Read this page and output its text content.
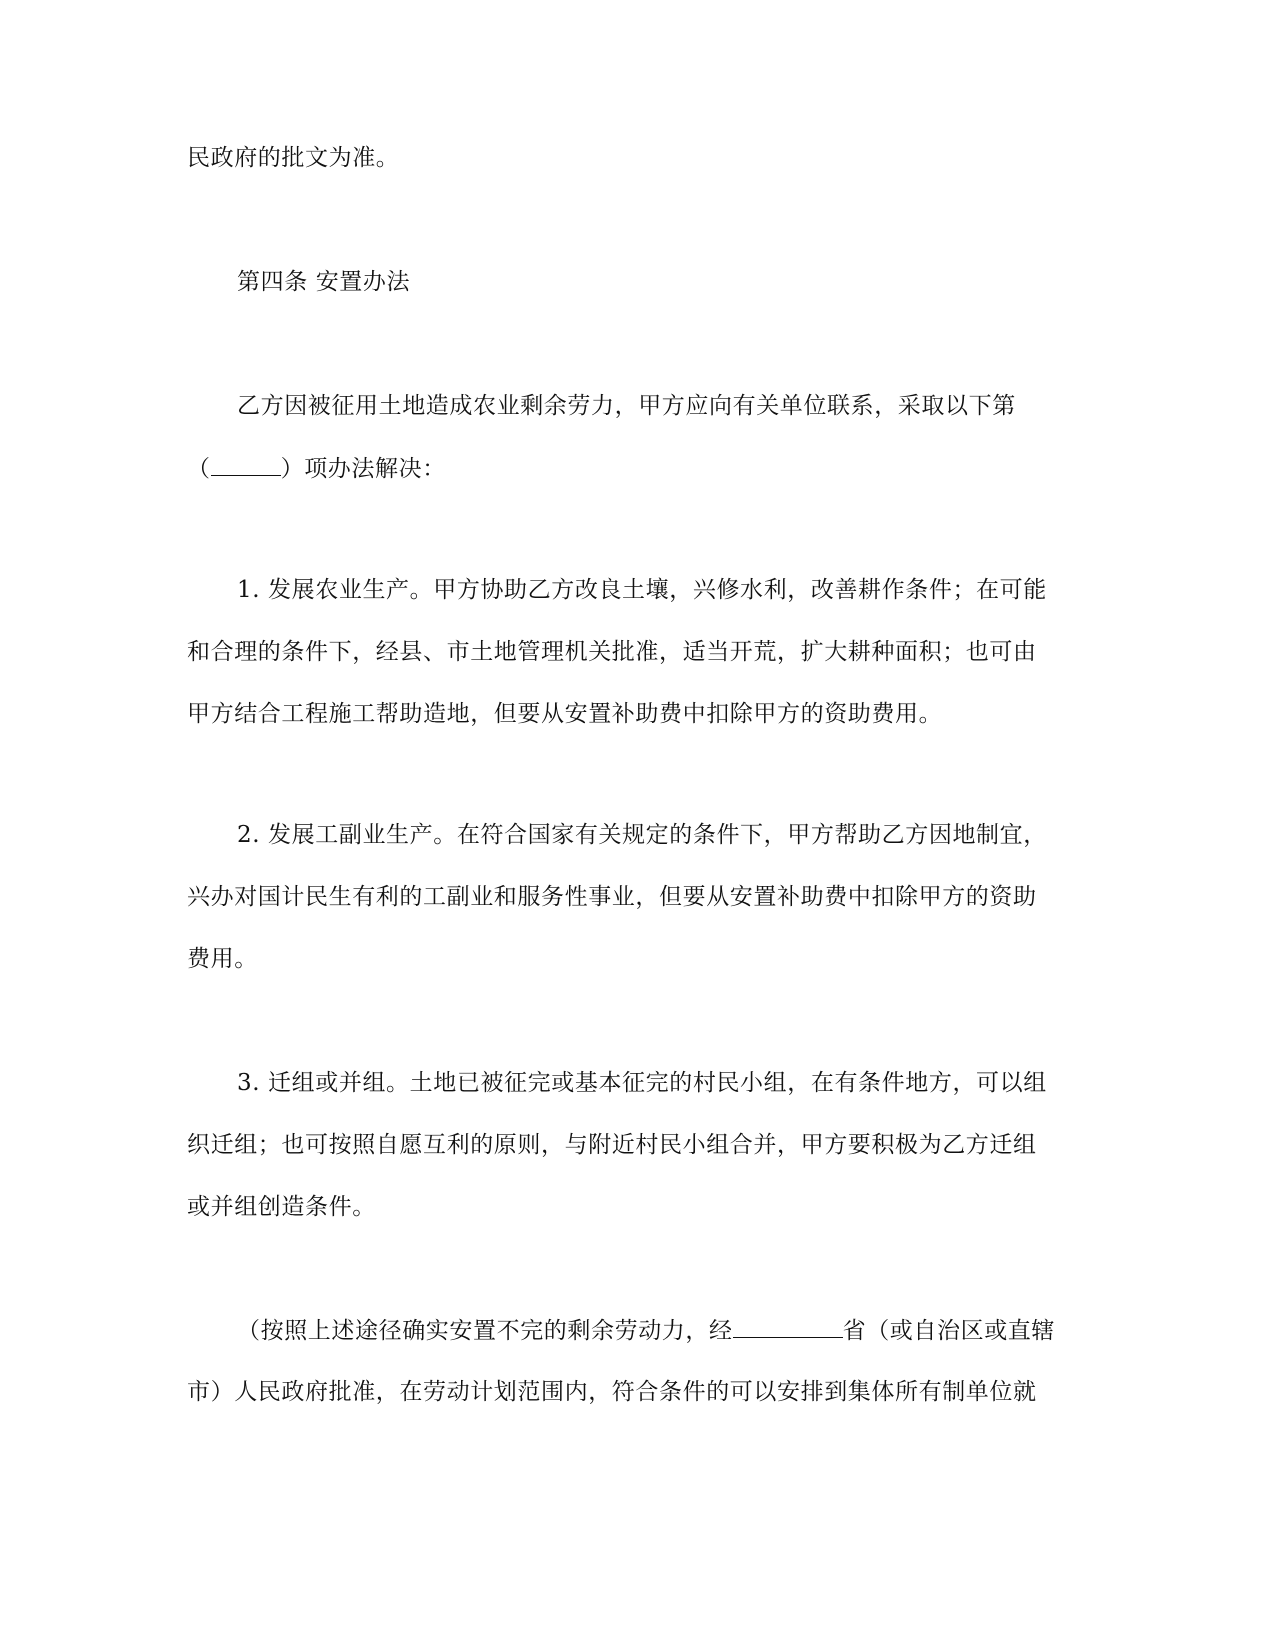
民政府的批文为准。
第四条 安置办法
乙方因被征用土地造成农业剩余劳力，甲方应向有关单位联系，采取以下第
（	）项办法解决：
1. 发展农业生产。甲方协助乙方改良土壤，兴修水利，改善耕作条件；在可能
和合理的条件下，经县、市土地管理机关批准，适当开荒，扩大耕种面积；也可由
甲方结合工程施工帮助造地，但要从安置补助费中扣除甲方的资助费用。
2. 发展工副业生产。在符合国家有关规定的条件下，甲方帮助乙方因地制宜，
兴办对国计民生有利的工副业和服务性事业，但要从安置补助费中扣除甲方的资助
费用。
3. 迁组或并组。土地已被征完或基本征完的村民小组，在有条件地方，可以组
织迁组；也可按照自愿互利的原则，与附近村民小组合并，甲方要积极为乙方迁组
或并组创造条件。
（按照上述途径确实安置不完的剩余劳动力，经	省（或自治区或直辖
市）人民政府批准，在劳动计划范围内，符合条件的可以安排到集体所有制单位就
